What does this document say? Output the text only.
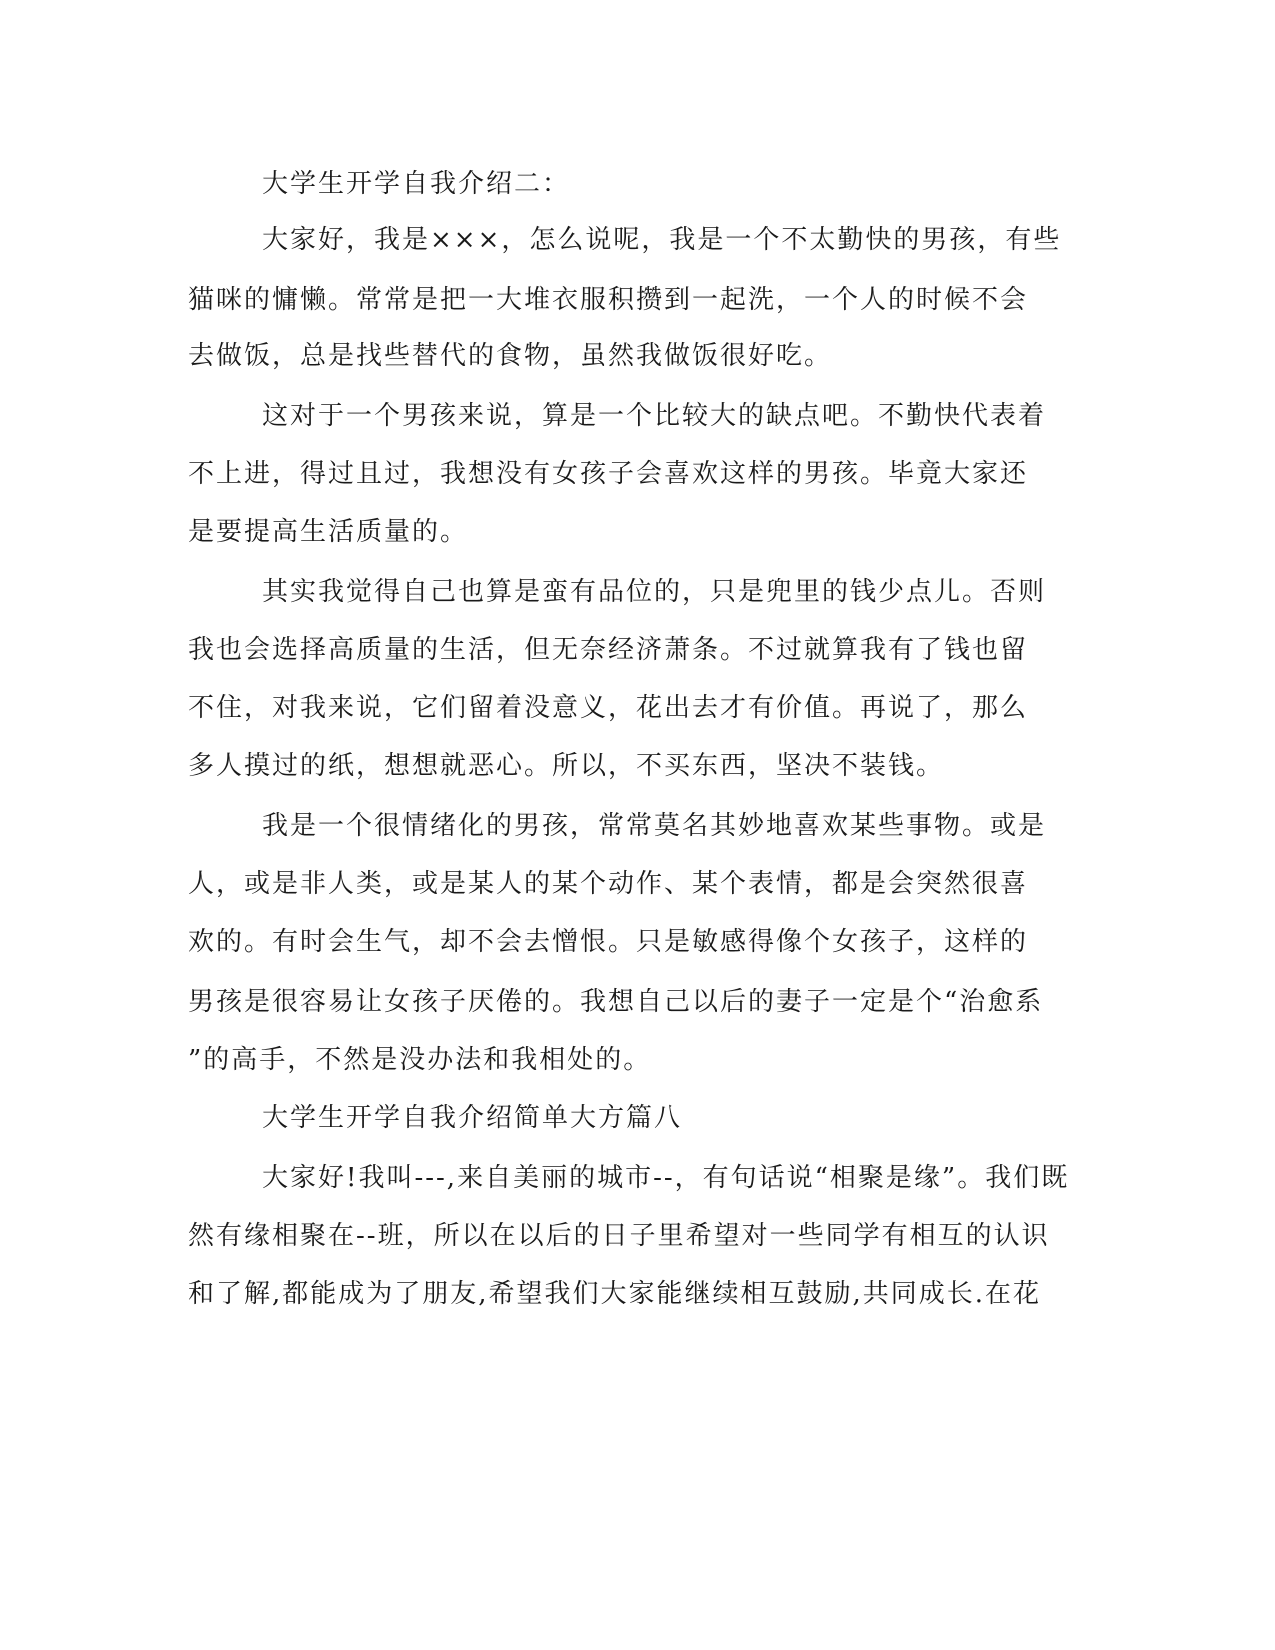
大学生开学自我介绍二：
大家好，我是×××，怎么说呢，我是一个不太勤快的男孩，有些
猫咪的慵懒。常常是把一大堆衣服积攒到一起洗，一个人的时候不会
去做饭，总是找些替代的食物，虽然我做饭很好吃。
这对于一个男孩来说，算是一个比较大的缺点吧。不勤快代表着
不上进，得过且过，我想没有女孩子会喜欢这样的男孩。毕竟大家还
是要提高生活质量的。
其实我觉得自己也算是蛮有品位的，只是兜里的钱少点儿。否则
我也会选择高质量的生活，但无奈经济萧条。不过就算我有了钱也留
不住，对我来说，它们留着没意义，花出去才有价值。再说了，那么
多人摸过的纸，想想就恶心。所以，不买东西，坚决不装钱。
我是一个很情绪化的男孩，常常莫名其妙地喜欢某些事物。或是
人，或是非人类，或是某人的某个动作、某个表情，都是会突然很喜
欢的。有时会生气，却不会去憎恨。只是敏感得像个女孩子，这样的
男孩是很容易让女孩子厌倦的。我想自己以后的妻子一定是个“治愈系
”的高手，不然是没办法和我相处的。
大学生开学自我介绍简单大方篇八
大家好!我叫---,来自美丽的城市--，有句话说“相聚是缘”。我们既
然有缘相聚在--班，所以在以后的日子里希望对一些同学有相互的认识
和了解,都能成为了朋友,希望我们大家能继续相互鼓励,共同成长.在花
